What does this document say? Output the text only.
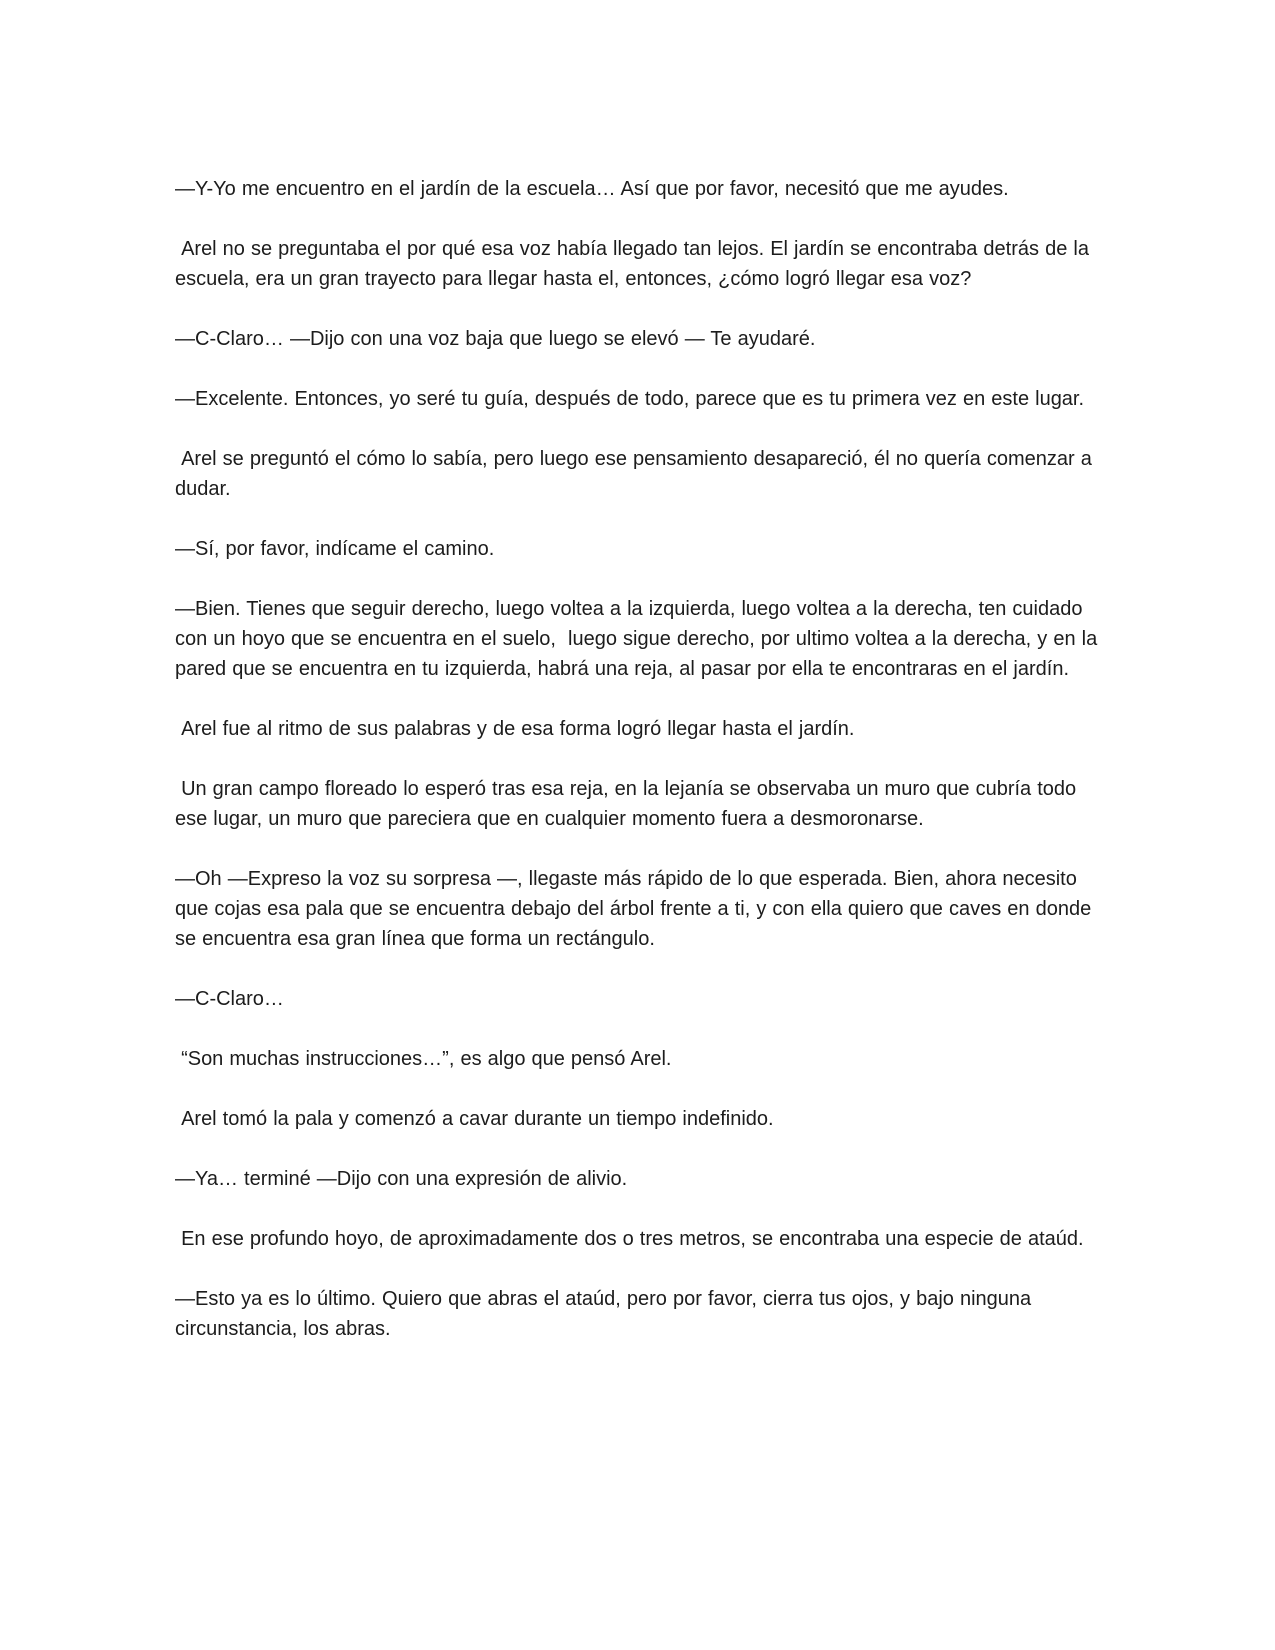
—Y-Yo me encuentro en el jardín de la escuela… Así que por favor, necesitó que me ayudes.

Arel no se preguntaba el por qué esa voz había llegado tan lejos. El jardín se encontraba detrás de la escuela, era un gran trayecto para llegar hasta el, entonces, ¿cómo logró llegar esa voz?

—C-Claro… —Dijo con una voz baja que luego se elevó — Te ayudaré.

—Excelente. Entonces, yo seré tu guía, después de todo, parece que es tu primera vez en este lugar.

Arel se preguntó el cómo lo sabía, pero luego ese pensamiento desapareció, él no quería comenzar a dudar.

—Sí, por favor, indícame el camino.

—Bien. Tienes que seguir derecho, luego voltea a la izquierda, luego voltea a la derecha, ten cuidado con un hoyo que se encuentra en el suelo,  luego sigue derecho, por ultimo voltea a la derecha, y en la pared que se encuentra en tu izquierda, habrá una reja, al pasar por ella te encontraras en el jardín.

Arel fue al ritmo de sus palabras y de esa forma logró llegar hasta el jardín.

Un gran campo floreado lo esperó tras esa reja, en la lejanía se observaba un muro que cubría todo ese lugar, un muro que pareciera que en cualquier momento fuera a desmoronarse.

—Oh —Expreso la voz su sorpresa —, llegaste más rápido de lo que esperada. Bien, ahora necesito que cojas esa pala que se encuentra debajo del árbol frente a ti, y con ella quiero que caves en donde se encuentra esa gran línea que forma un rectángulo.

—C-Claro…

“Son muchas instrucciones…”, es algo que pensó Arel.

Arel tomó la pala y comenzó a cavar durante un tiempo indefinido.

—Ya… terminé —Dijo con una expresión de alivio.

En ese profundo hoyo, de aproximadamente dos o tres metros, se encontraba una especie de ataúd.

—Esto ya es lo último. Quiero que abras el ataúd, pero por favor, cierra tus ojos, y bajo ninguna circunstancia, los abras.
